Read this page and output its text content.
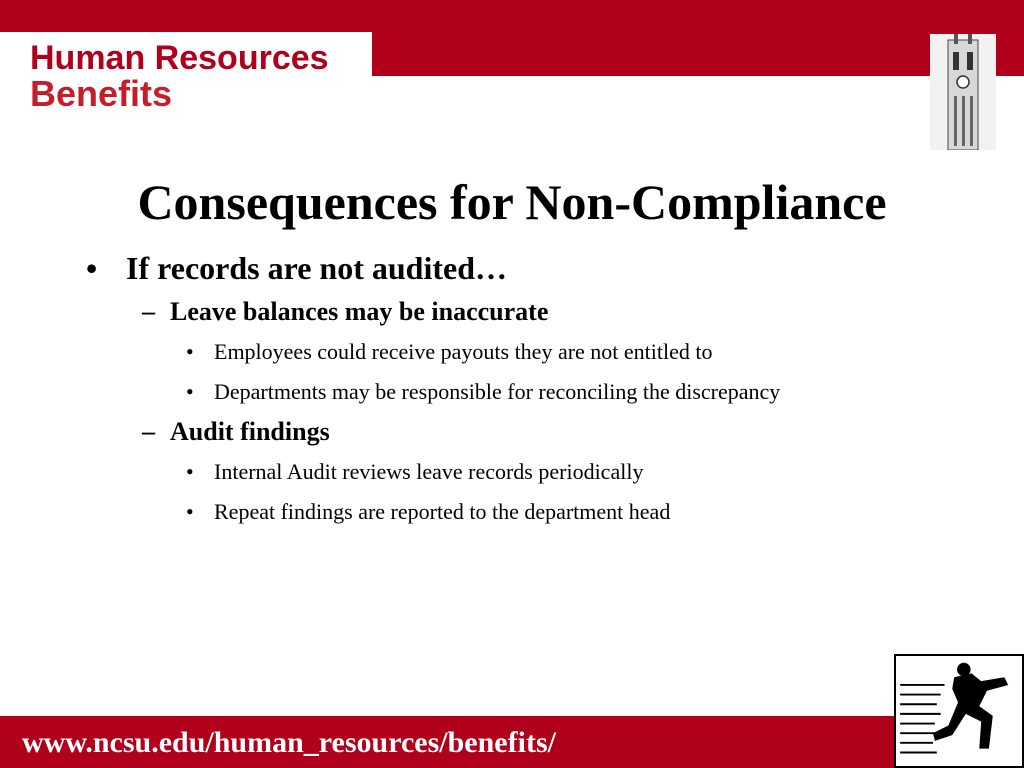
Human Resources
Benefits
Consequences for Non-Compliance
• If records are not audited…
– Leave balances may be inaccurate
• Employees could receive payouts they are not entitled to
• Departments may be responsible for reconciling the discrepancy
– Audit findings
• Internal Audit reviews leave records periodically
• Repeat findings are reported to the department head
www.ncsu.edu/human_resources/benefits/
